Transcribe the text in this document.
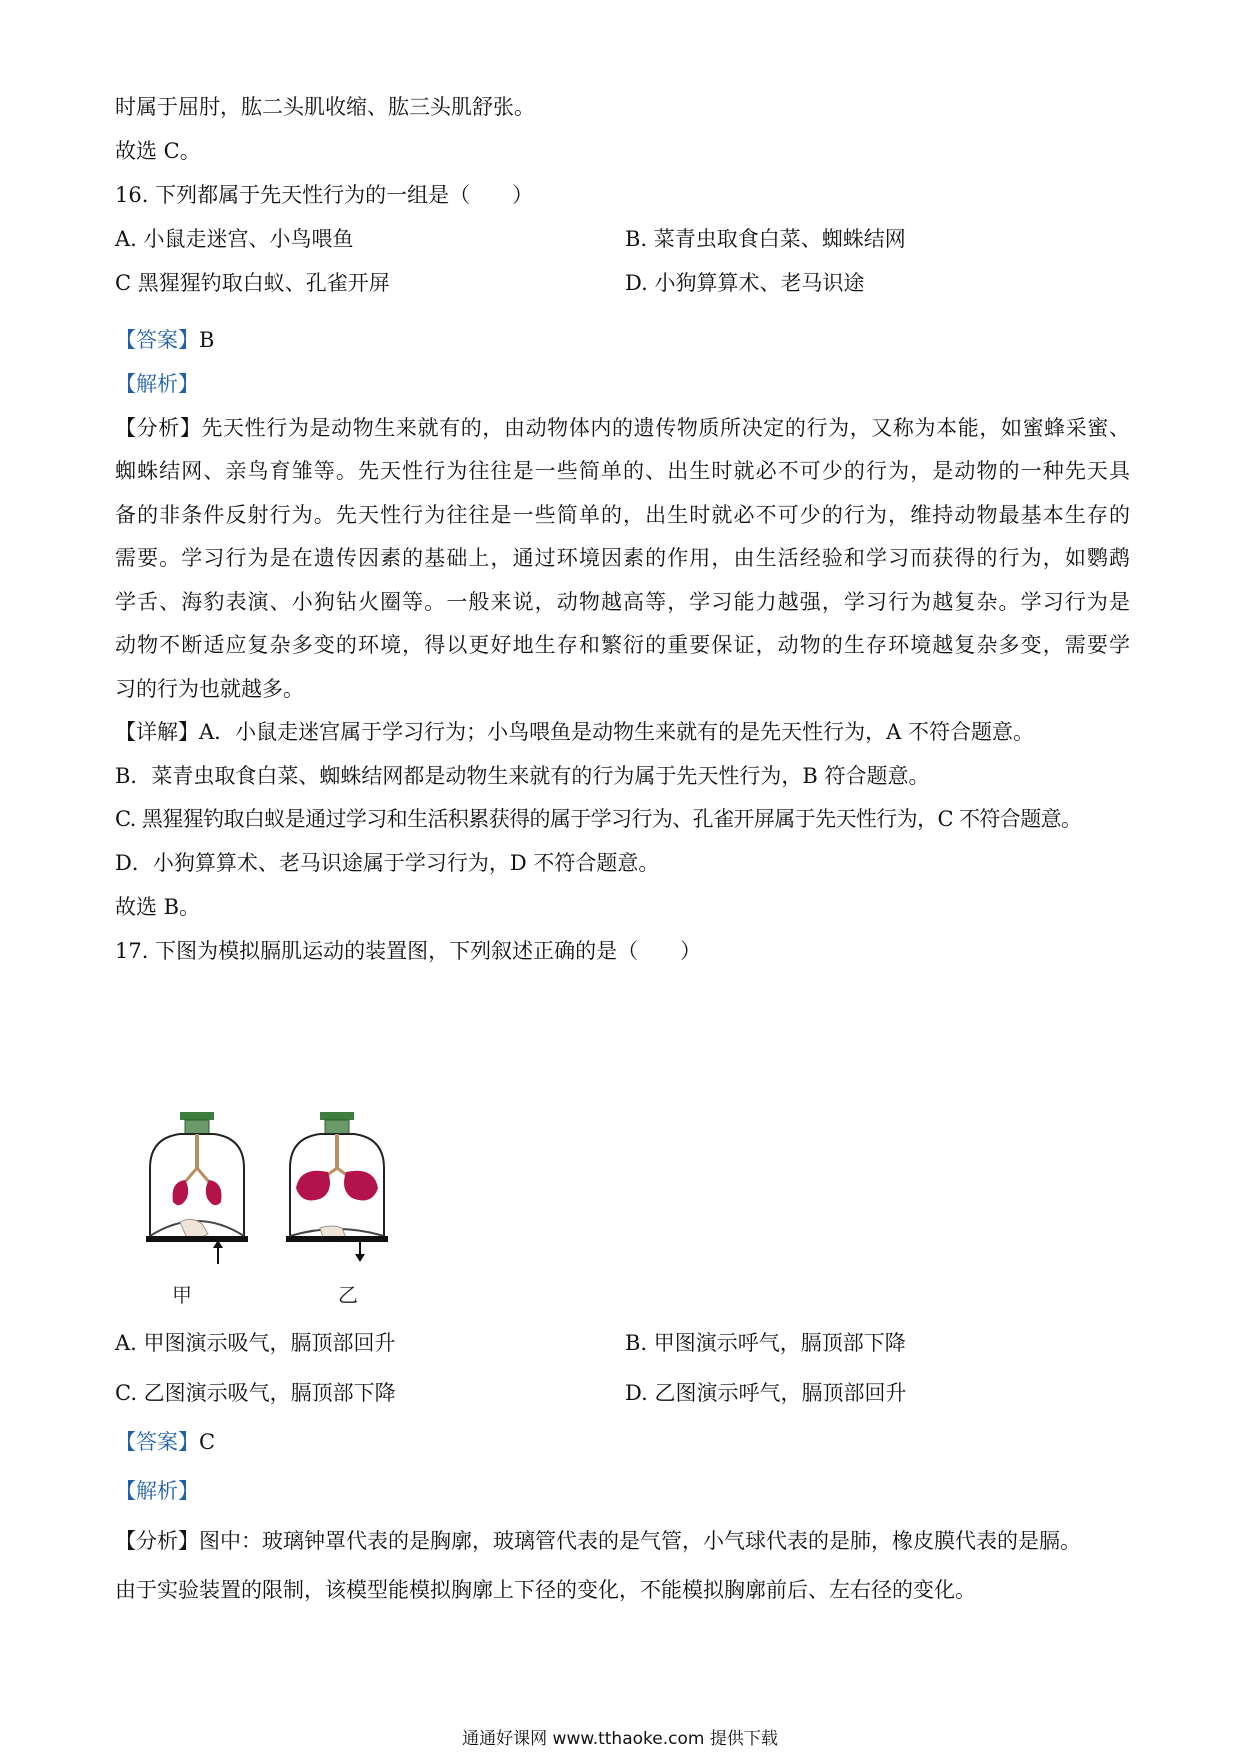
时属于屈肘，肱二头肌收缩、肱三头肌舒张。
故选 C。
16. 下列都属于先天性行为的一组是（　　）
A. 小鼠走迷宫、小鸟喂鱼	B. 菜青虫取食白菜、蜘蛛结网
C 黑猩猩钓取白蚁、孔雀开屏	D. 小狗算算术、老马识途
【答案】B
【解析】
【分析】先天性行为是动物生来就有的，由动物体内的遗传物质所决定的行为，又称为本能，如蜜蜂采蜜、
蜘蛛结网、亲鸟育雏等。先天性行为往往是一些简单的、出生时就必不可少的行为，是动物的一种先天具
备的非条件反射行为。先天性行为往往是一些简单的，出生时就必不可少的行为，维持动物最基本生存的
需要。学习行为是在遗传因素的基础上，通过环境因素的作用，由生活经验和学习而获得的行为，如鹦鹉
学舌、海豹表演、小狗钻火圈等。一般来说，动物越高等，学习能力越强，学习行为越复杂。学习行为是
动物不断适应复杂多变的环境，得以更好地生存和繁衍的重要保证，动物的生存环境越复杂多变，需要学
习的行为也就越多。
【详解】A．小鼠走迷宫属于学习行为；小鸟喂鱼是动物生来就有的是先天性行为，A 不符合题意。
B．菜青虫取食白菜、蜘蛛结网都是动物生来就有的行为属于先天性行为，B 符合题意。
C. 黑猩猩钓取白蚁是通过学习和生活积累获得的属于学习行为、孔雀开屏属于先天性行为，C 不符合题意。
D．小狗算算术、老马识途属于学习行为，D 不符合题意。
故选 B。
17. 下图为模拟膈肌运动的装置图，下列叙述正确的是（　　）
甲	乙
A. 甲图演示吸气，膈顶部回升	B. 甲图演示呼气，膈顶部下降
C. 乙图演示吸气，膈顶部下降	D. 乙图演示呼气，膈顶部回升
【答案】C
【解析】
【分析】图中：玻璃钟罩代表的是胸廓，玻璃管代表的是气管，小气球代表的是肺，橡皮膜代表的是膈。
由于实验装置的限制，该模型能模拟胸廓上下径的变化，不能模拟胸廓前后、左右径的变化。
通通好课网 www.tthaoke.com 提供下载
